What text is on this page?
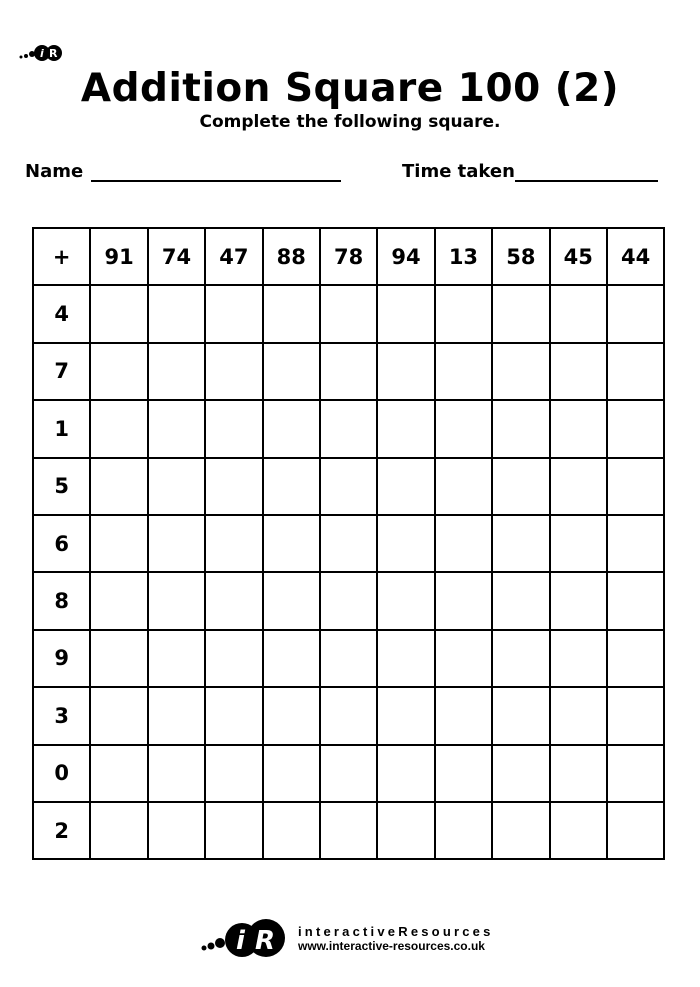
i R
Addition Square 100 (2)
Complete the following square.
Name	Time taken
+	91	74	47	88	78	94	13	58	45	44
4										
7										
1										
5										
6										
8										
9										
3										
0										
2										
i R interactiveResources
www.interactive-resources.co.uk
